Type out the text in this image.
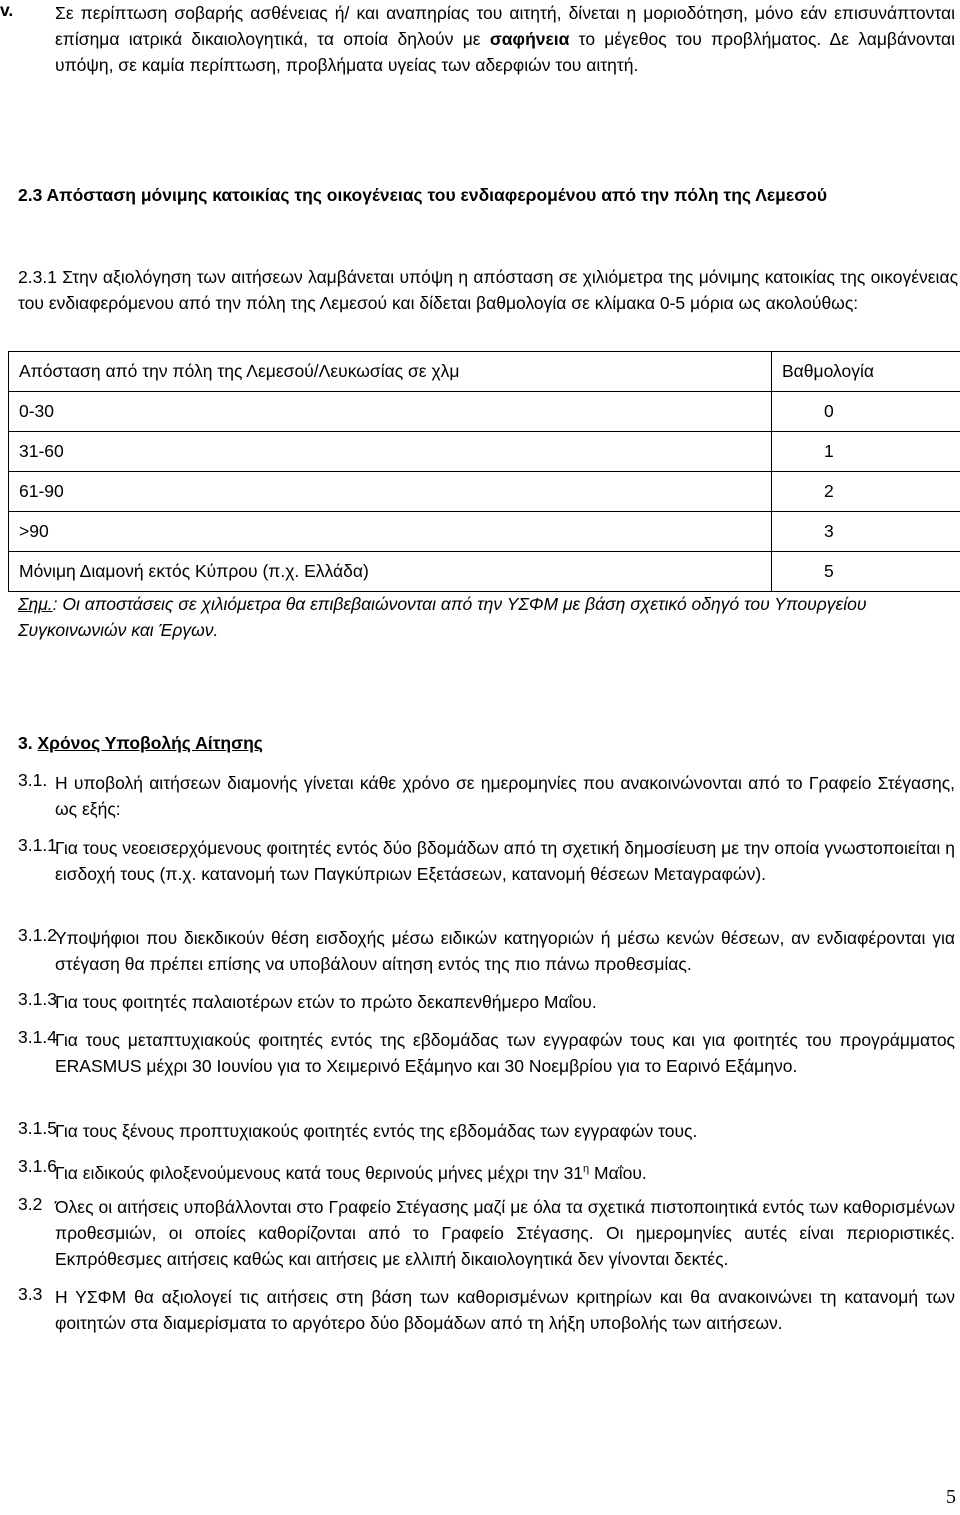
v. Σε περίπτωση σοβαρής ασθένειας ή/ και αναπηρίας του αιτητή, δίνεται η μοριοδότηση, μόνο εάν επισυνάπτονται επίσημα ιατρικά δικαιολογητικά, τα οποία δηλούν με σαφήνεια το μέγεθος του προβλήματος. Δε λαμβάνονται υπόψη, σε καμία περίπτωση, προβλήματα υγείας των αδερφιών του αιτητή.
2.3 Απόσταση μόνιμης κατοικίας της οικογένειας του ενδιαφερομένου από την πόλη της Λεμεσού
2.3.1 Στην αξιολόγηση των αιτήσεων λαμβάνεται υπόψη η απόσταση σε χιλιόμετρα της μόνιμης κατοικίας της οικογένειας του ενδιαφερόμενου από την πόλη της Λεμεσού και δίδεται βαθμολογία σε κλίμακα 0-5 μόρια ως ακολούθως:
Απόσταση από την πόλη της Λεμεσού/Λευκωσίας σε χλμ	Βαθμολογία
0-30	0
31-60	1
61-90	2
>90	3
Μόνιμη Διαμονή εκτός Κύπρου (π.χ. Ελλάδα)	5
Σημ.: Οι αποστάσεις σε χιλιόμετρα θα επιβεβαιώνονται από την ΥΣΦΜ με βάση σχετικό οδηγό του Υπουργείου Συγκοινωνιών και Έργων.
3. Χρόνος Υποβολής Αίτησης
3.1. Η υποβολή αιτήσεων διαμονής γίνεται κάθε χρόνο σε ημερομηνίες που ανακοινώνονται από το Γραφείο Στέγασης, ως εξής:
3.1.1
Για τους νεοεισερχόμενους φοιτητές εντός δύο βδομάδων από τη σχετική δημοσίευση με την οποία γνωστοποιείται η εισδοχή τους (π.χ. κατανομή των Παγκύπριων Εξετάσεων, κατανομή θέσεων Μεταγραφών).
3.1.2
Υποψήφιοι που διεκδικούν θέση εισδοχής μέσω ειδικών κατηγοριών ή μέσω κενών θέσεων, αν ενδιαφέρονται για στέγαση θα πρέπει επίσης να υποβάλουν αίτηση εντός της πιο πάνω προθεσμίας.
3.1.3
Για τους φοιτητές παλαιοτέρων ετών το πρώτο δεκαπενθήμερο Μαΐου.
3.1.4
Για τους μεταπτυχιακούς φοιτητές εντός της εβδομάδας των εγγραφών τους και για φοιτητές του προγράμματος ERASMUS μέχρι 30 Ιουνίου για το Χειμερινό Εξάμηνο και 30 Νοεμβρίου για το Εαρινό Εξάμηνο.
3.1.5
Για τους ξένους προπτυχιακούς φοιτητές εντός της εβδομάδας των εγγραφών τους.
3.1.6
Για ειδικούς φιλοξενούμενους κατά τους θερινούς μήνες μέχρι την $31^\eta$ Μαΐου.
3.2 Όλες οι αιτήσεις υποβάλλονται στο Γραφείο Στέγασης μαζί με όλα τα σχετικά πιστοποιητικά εντός των καθορισμένων προθεσμιών, οι οποίες καθορίζονται από το Γραφείο Στέγασης. Οι ημερομηνίες αυτές είναι περιοριστικές. Εκπρόθεσμες αιτήσεις καθώς και αιτήσεις με ελλιπή δικαιολογητικά δεν γίνονται δεκτές.
3.3 Η ΥΣΦΜ θα αξιολογεί τις αιτήσεις στη βάση των καθορισμένων κριτηρίων και θα ανακοινώνει τη κατανομή των φοιτητών στα διαμερίσματα το αργότερο δύο βδομάδων από τη λήξη υποβολής των αιτήσεων.
5
